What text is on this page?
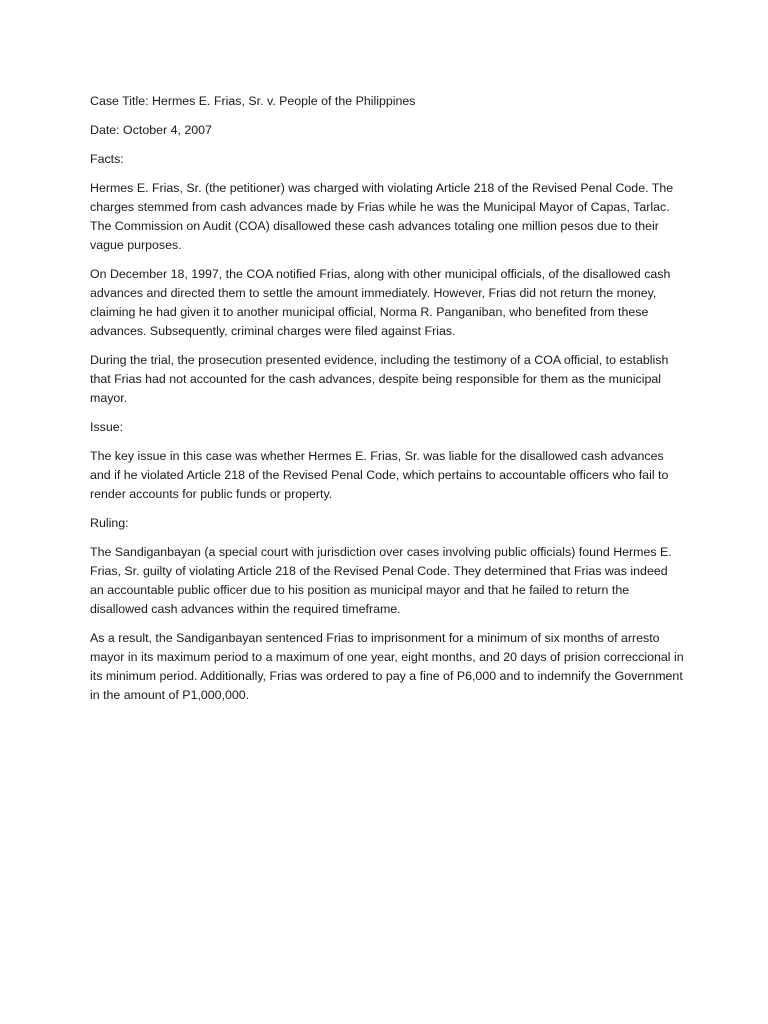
Case Title: Hermes E. Frias, Sr. v. People of the Philippines

Date: October 4, 2007

Facts:

Hermes E. Frias, Sr. (the petitioner) was charged with violating Article 218 of the Revised Penal Code. The charges stemmed from cash advances made by Frias while he was the Municipal Mayor of Capas, Tarlac. The Commission on Audit (COA) disallowed these cash advances totaling one million pesos due to their vague purposes.

On December 18, 1997, the COA notified Frias, along with other municipal officials, of the disallowed cash advances and directed them to settle the amount immediately. However, Frias did not return the money, claiming he had given it to another municipal official, Norma R. Panganiban, who benefited from these advances. Subsequently, criminal charges were filed against Frias.

During the trial, the prosecution presented evidence, including the testimony of a COA official, to establish that Frias had not accounted for the cash advances, despite being responsible for them as the municipal mayor.

Issue:

The key issue in this case was whether Hermes E. Frias, Sr. was liable for the disallowed cash advances and if he violated Article 218 of the Revised Penal Code, which pertains to accountable officers who fail to render accounts for public funds or property.

Ruling:

The Sandiganbayan (a special court with jurisdiction over cases involving public officials) found Hermes E. Frias, Sr. guilty of violating Article 218 of the Revised Penal Code. They determined that Frias was indeed an accountable public officer due to his position as municipal mayor and that he failed to return the disallowed cash advances within the required timeframe.

As a result, the Sandiganbayan sentenced Frias to imprisonment for a minimum of six months of arresto mayor in its maximum period to a maximum of one year, eight months, and 20 days of prision correccional in its minimum period. Additionally, Frias was ordered to pay a fine of P6,000 and to indemnify the Government in the amount of P1,000,000.
